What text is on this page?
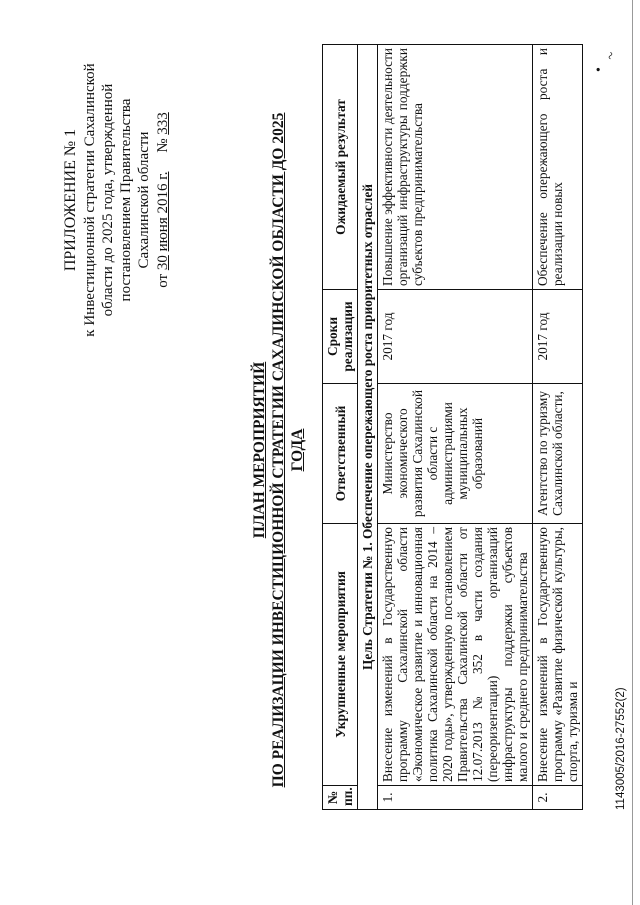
•
~
ПРИЛОЖЕНИЕ № 1 к Инвестиционной стратегии Сахалинской области до 2025 года, утвержденной постановлением Правительства Сахалинской области
от 30 июня 2016 г.     № 333
ПЛАН МЕРОПРИЯТИЙ ПО РЕАЛИЗАЦИИ ИНВЕСТИЦИОННОЙ СТРАТЕГИИ САХАЛИНСКОЙ ОБЛАСТИ ДО 2025 ГОДА
№ пп.	Укрупненные мероприятия	Ответственный	Сроки реализации	Ожидаемый результат
Цель Стратегии № 1. Обеспечение опережающего роста приоритетных отраслей				
1.	Внесение изменений в Государственную программу Сахалинской области «Экономическое развитие и инновационная политика Сахалинской области на 2014 – 2020 годы», утвержденную постановлением Правительства Сахалинской области от 12.07.2013 № 352 в части создания (переоризентации) организаций инфраструктуры поддержки субъектов малого и среднего предпринимательства	Министерство экономического развития Сахалинской области с администрациями муниципальных образований	2017 год	Повышение эффективности деятельности организаций инфраструктуры поддержки субъектов предпринимательства
2.	Внесение изменений в Государственную программу «Развитие физической культуры, спорта, туризма и	Агентство по туризму Сахалинской области,	2017 год	Обеспечение опережающего роста и реализации новых
1143005/2016-27552(2)
